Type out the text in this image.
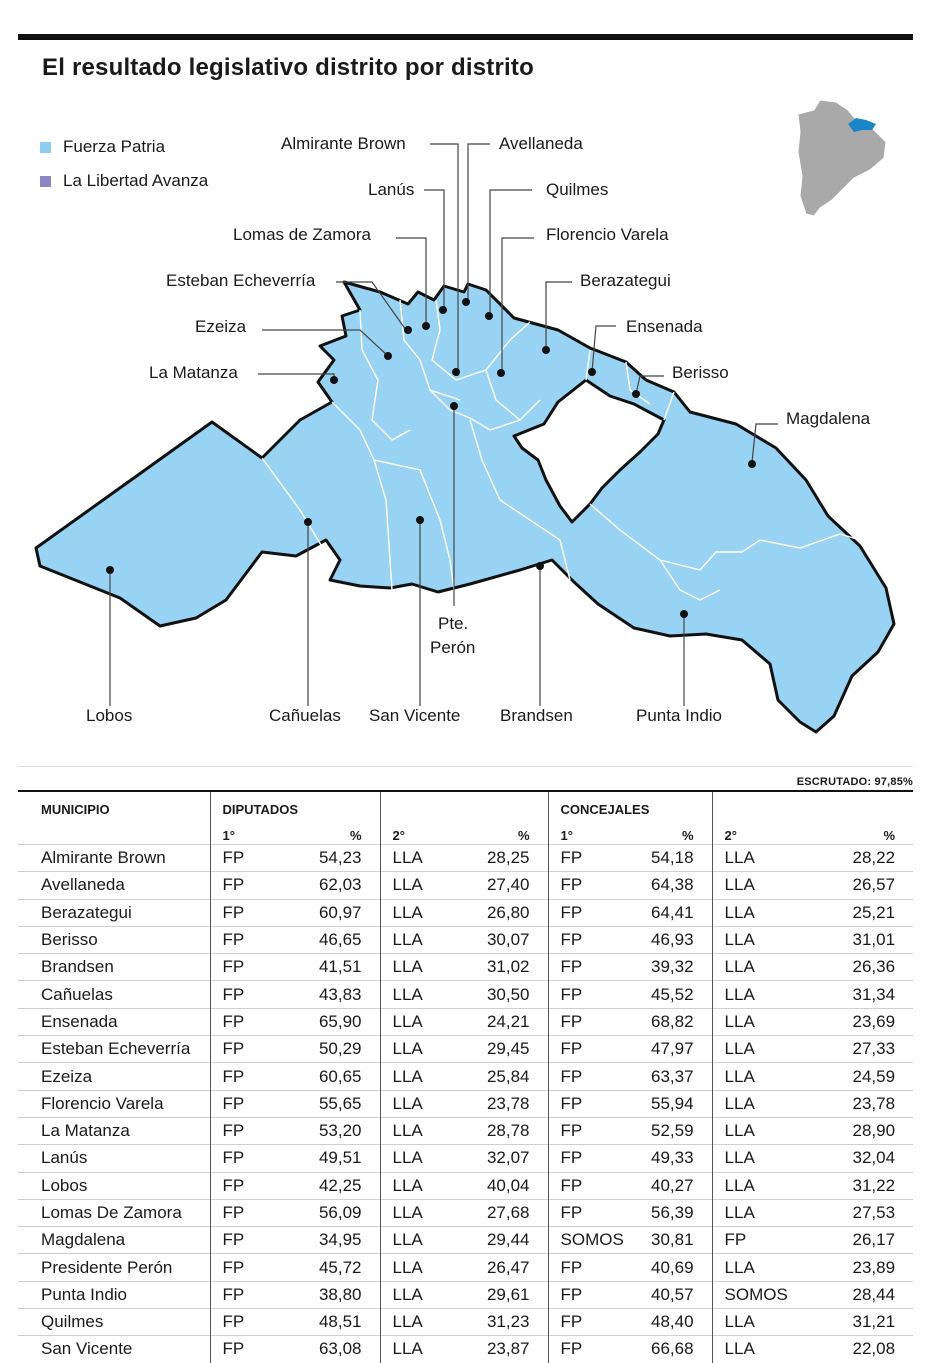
El resultado legislativo distrito por distrito
Fuerza Patria
La Libertad Avanza
Almirante Brown	Avellaneda
Lanús	Quilmes
Lomas de Zamora	Florencio Varela
Esteban Echeverría	Berazategui
Ezeiza	Ensenada
La Matanza	Berisso
Magdalena
Pte.
Perón
Lobos	Cañuelas San Vicente Brandsen	Punta Indio
ESCRUTADO: 97,85%
MUNICIPIO	DIPUTADOS				CONCEJALES			
	1°	%	2°	%	1°	%	2°	%
Almirante Brown	FP	54,23	LLA	28,25	FP	54,18	LLA	28,22
Avellaneda	FP	62,03	LLA	27,40	FP	64,38	LLA	26,57
Berazategui	FP	60,97	LLA	26,80	FP	64,41	LLA	25,21
Berisso	FP	46,65	LLA	30,07	FP	46,93	LLA	31,01
Brandsen	FP	41,51	LLA	31,02	FP	39,32	LLA	26,36
Cañuelas	FP	43,83	LLA	30,50	FP	45,52	LLA	31,34
Ensenada	FP	65,90	LLA	24,21	FP	68,82	LLA	23,69
Esteban Echeverría	FP	50,29	LLA	29,45	FP	47,97	LLA	27,33
Ezeiza	FP	60,65	LLA	25,84	FP	63,37	LLA	24,59
Florencio Varela	FP	55,65	LLA	23,78	FP	55,94	LLA	23,78
La Matanza	FP	53,20	LLA	28,78	FP	52,59	LLA	28,90
Lanús	FP	49,51	LLA	32,07	FP	49,33	LLA	32,04
Lobos	FP	42,25	LLA	40,04	FP	40,27	LLA	31,22
Lomas De Zamora	FP	56,09	LLA	27,68	FP	56,39	LLA	27,53
Magdalena	FP	34,95	LLA	29,44	SOMOS	30,81	FP	26,17
Presidente Perón	FP	45,72	LLA	26,47	FP	40,69	LLA	23,89
Punta Indio	FP	38,80	LLA	29,61	FP	40,57	SOMOS	28,44
Quilmes	FP	48,51	LLA	31,23	FP	48,40	LLA	31,21
San Vicente	FP	63,08	LLA	23,87	FP	66,68	LLA	22,08
